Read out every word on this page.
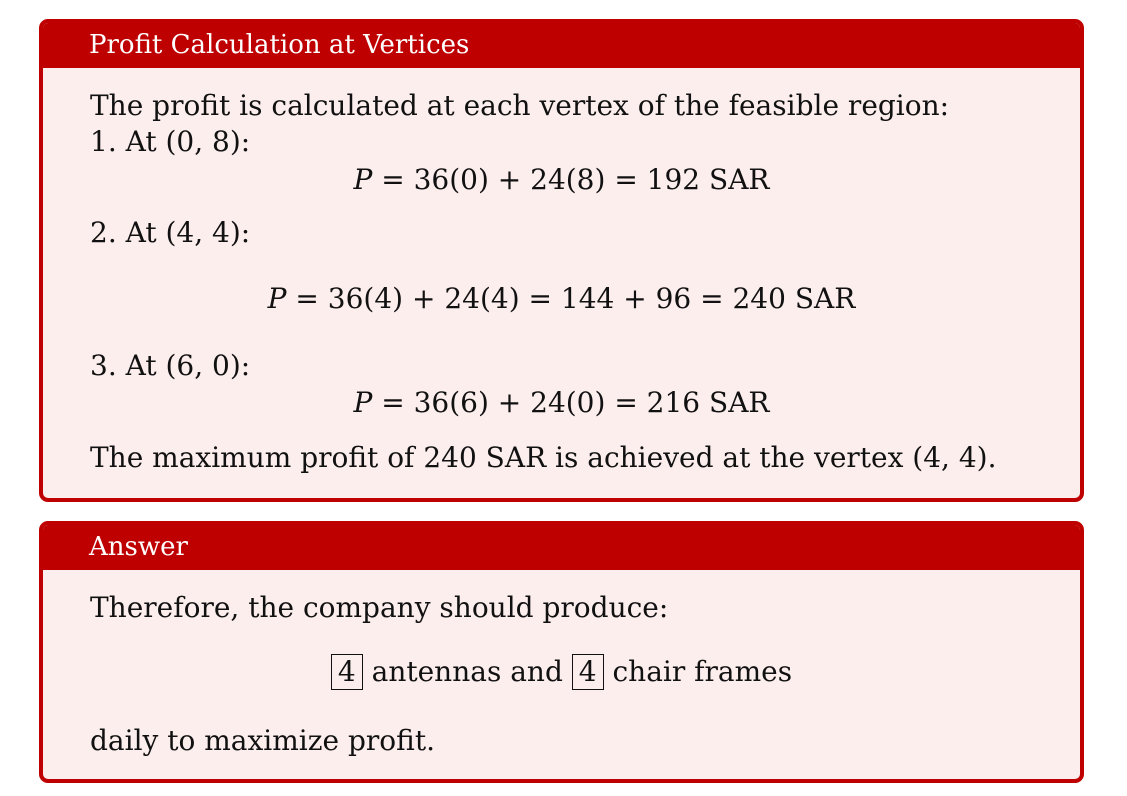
Profit Calculation at Vertices
The profit is calculated at each vertex of the feasible region:
1. At (0, 8):
P = 36(0) + 24(8) = 192 SAR
2. At (4, 4):
P = 36(4) + 24(4) = 144 + 96 = 240 SAR
3. At (6, 0):
P = 36(6) + 24(0) = 216 SAR
The maximum profit of 240 SAR is achieved at the vertex (4, 4).
Answer
Therefore, the company should produce:
4 antennas and 4 chair frames
daily to maximize profit.
